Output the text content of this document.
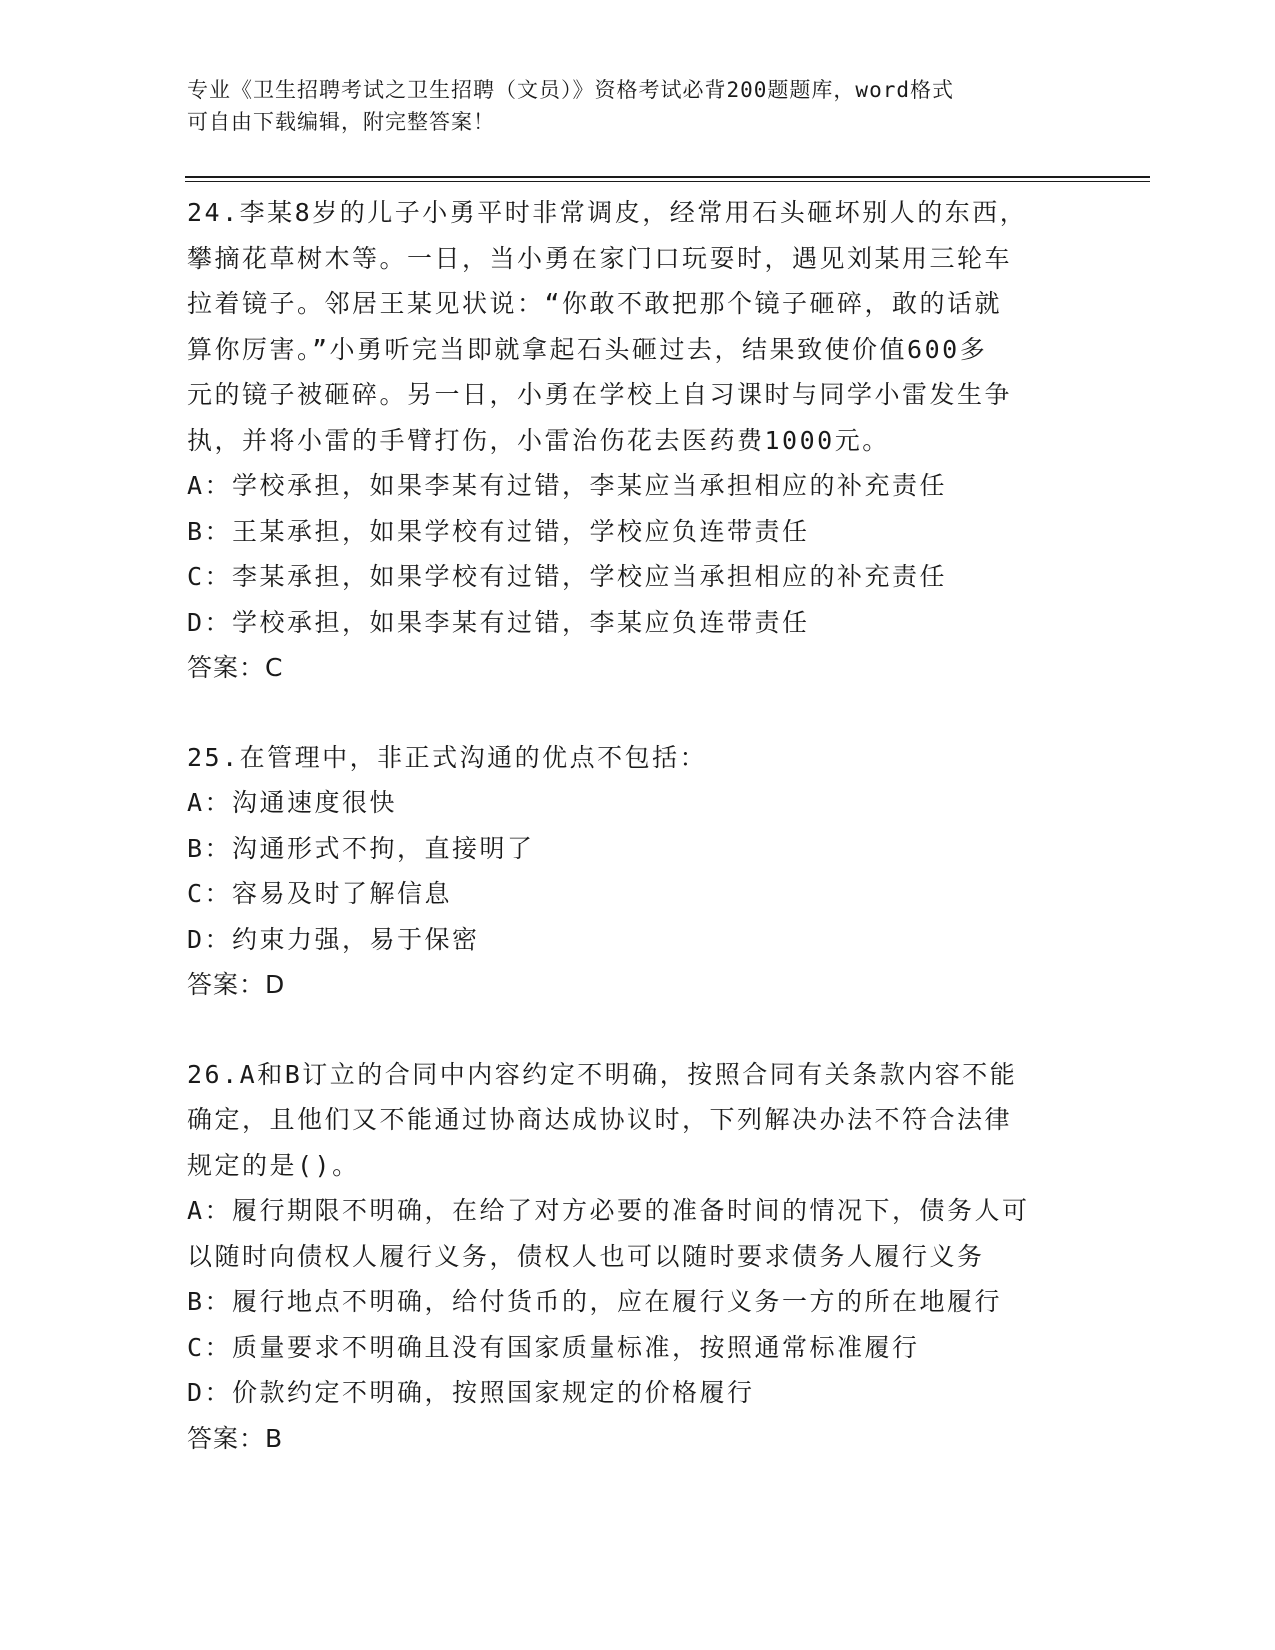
专业《卫生招聘考试之卫生招聘（文员）》资格考试必背200题题库，word格式
可自由下载编辑，附完整答案！
24.李某8岁的儿子小勇平时非常调皮，经常用石头砸坏别人的东西，
攀摘花草树木等。一日，当小勇在家门口玩耍时，遇见刘某用三轮车
拉着镜子。邻居王某见状说：“你敢不敢把那个镜子砸碎，敢的话就
算你厉害。”小勇听完当即就拿起石头砸过去，结果致使价值600多
元的镜子被砸碎。另一日，小勇在学校上自习课时与同学小雷发生争
执，并将小雷的手臂打伤，小雷治伤花去医药费1000元。
A：学校承担，如果李某有过错，李某应当承担相应的补充责任
B：王某承担，如果学校有过错，学校应负连带责任
C：李某承担，如果学校有过错，学校应当承担相应的补充责任
D：学校承担，如果李某有过错，李某应负连带责任
答案：C
25.在管理中，非正式沟通的优点不包括：
A：沟通速度很快
B：沟通形式不拘，直接明了
C：容易及时了解信息
D：约束力强，易于保密
答案：D
26.A和B订立的合同中内容约定不明确，按照合同有关条款内容不能
确定，且他们又不能通过协商达成协议时，下列解决办法不符合法律
规定的是()。
A：履行期限不明确，在给了对方必要的准备时间的情况下，债务人可
以随时向债权人履行义务，债权人也可以随时要求债务人履行义务
B：履行地点不明确，给付货币的，应在履行义务一方的所在地履行
C：质量要求不明确且没有国家质量标准，按照通常标准履行
D：价款约定不明确，按照国家规定的价格履行
答案：B
